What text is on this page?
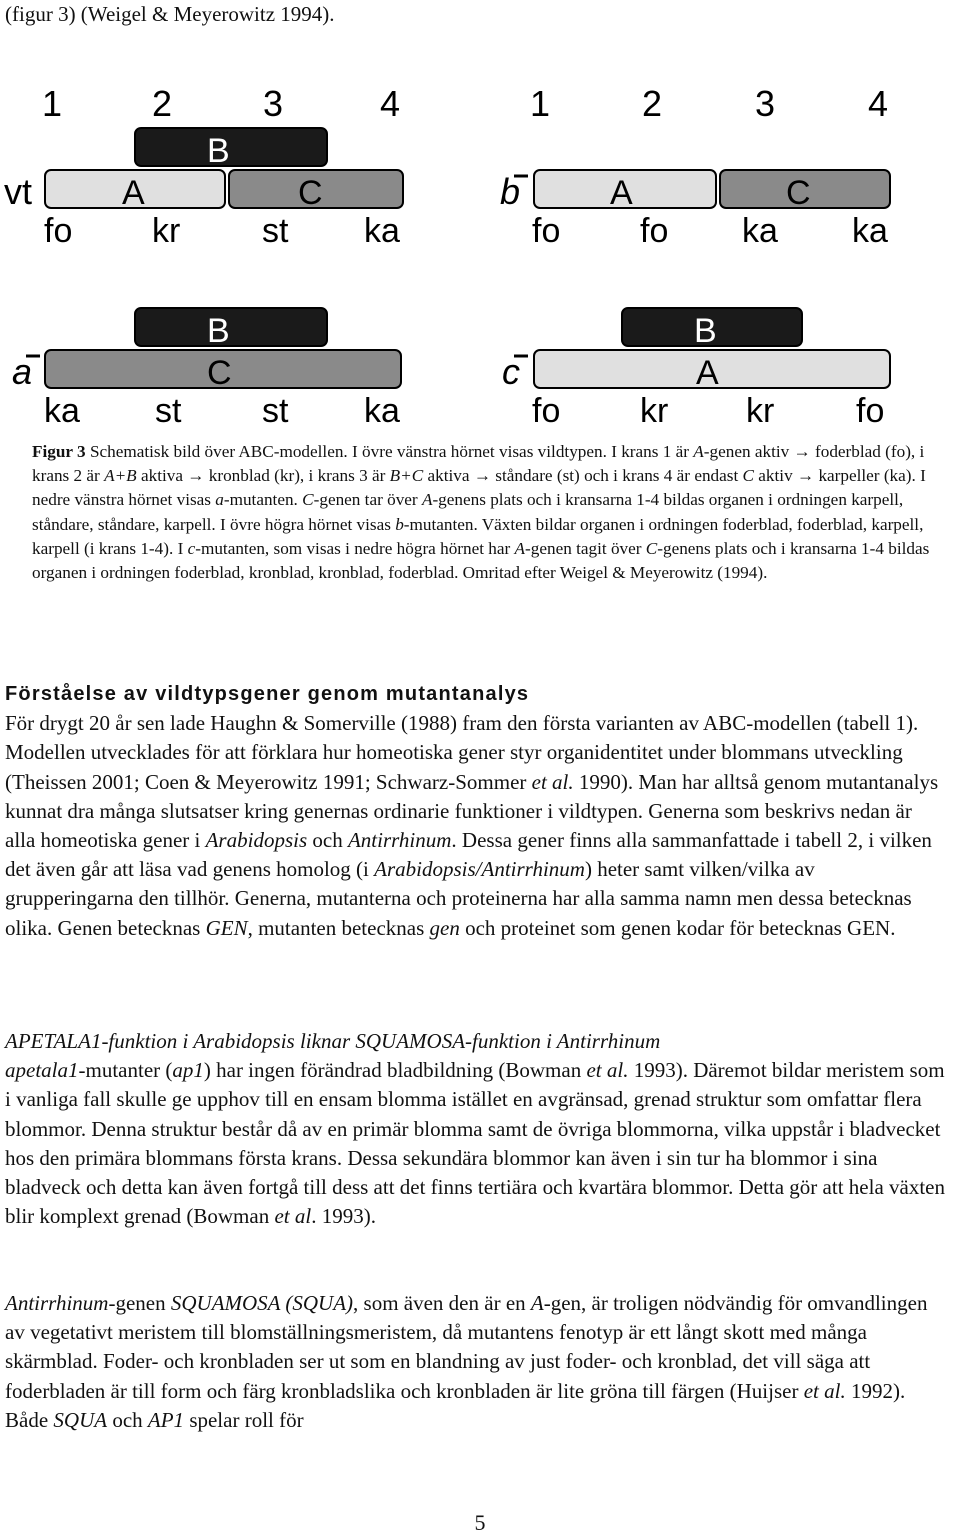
(figur 3) (Weigel & Meyerowitz 1994).
1 2	3	4
B
A	C
vt
fo kr st ka
1	2	3	4
A	C
b
fo fo ka ka
B
C
a
ka st st ka
B
A
c
fo kr kr fo
Figur 3 Schematisk bild över ABC-modellen. I övre vänstra hörnet visas vildtypen. I krans 1 är A-genen aktiv → foderblad (fo), i krans 2 är A+B aktiva → kronblad (kr), i krans 3 är B+C aktiva → ståndare (st) och i krans 4 är endast C aktiv → karpeller (ka). I nedre vänstra hörnet visas a-mutanten. C-genen tar över A-genens plats och i kransarna 1-4 bildas organen i ordningen karpell, ståndare, ståndare, karpell. I övre högra hörnet visas b-mutanten. Växten bildar organen i ordningen foderblad, foderblad, karpell, karpell (i krans 1-4). I c-mutanten, som visas i nedre högra hörnet har A-genen tagit över C-genens plats och i kransarna 1-4 bildas organen i ordningen foderblad, kronblad, kronblad, foderblad. Omritad efter Weigel & Meyerowitz (1994).
Förståelse av vildtypsgener genom mutantanalys
För drygt 20 år sen lade Haughn & Somerville (1988) fram den första varianten av ABC-modellen (tabell 1). Modellen utvecklades för att förklara hur homeotiska gener styr organidentitet under blommans utveckling (Theissen 2001; Coen & Meyerowitz 1991; Schwarz-Sommer et al. 1990). Man har alltså genom mutantanalys kunnat dra många slutsatser kring genernas ordinarie funktioner i vildtypen. Generna som beskrivs nedan är alla homeotiska gener i Arabidopsis och Antirrhinum. Dessa gener finns alla sammanfattade i tabell 2, i vilken det även går att läsa vad genens homolog (i Arabidopsis/Antirrhinum) heter samt vilken/vilka av grupperingarna den tillhör. Generna, mutanterna och proteinerna har alla samma namn men dessa betecknas olika. Genen betecknas GEN, mutanten betecknas gen och proteinet som genen kodar för betecknas GEN.
APETALA1-funktion i Arabidopsis liknar SQUAMOSA-funktion i Antirrhinum
apetala1-mutanter (ap1) har ingen förändrad bladbildning (Bowman et al. 1993). Däremot bildar meristem som i vanliga fall skulle ge upphov till en ensam blomma istället en avgränsad, grenad struktur som omfattar flera blommor. Denna struktur består då av en primär blomma samt de övriga blommorna, vilka uppstår i bladvecket hos den primära blommans första krans. Dessa sekundära blommor kan även i sin tur ha blommor i sina bladveck och detta kan även fortgå till dess att det finns tertiära och kvartära blommor. Detta gör att hela växten blir komplext grenad (Bowman et al. 1993).
Antirrhinum-genen SQUAMOSA (SQUA), som även den är en A-gen, är troligen nödvändig för omvandlingen av vegetativt meristem till blomställningsmeristem, då mutantens fenotyp är ett långt skott med många skärmblad. Foder- och kronbladen ser ut som en blandning av just foder- och kronblad, det vill säga att foderbladen är till form och färg kronbladslika och kronbladen är lite gröna till färgen (Huijser et al. 1992). Både SQUA och AP1 spelar roll för
5
